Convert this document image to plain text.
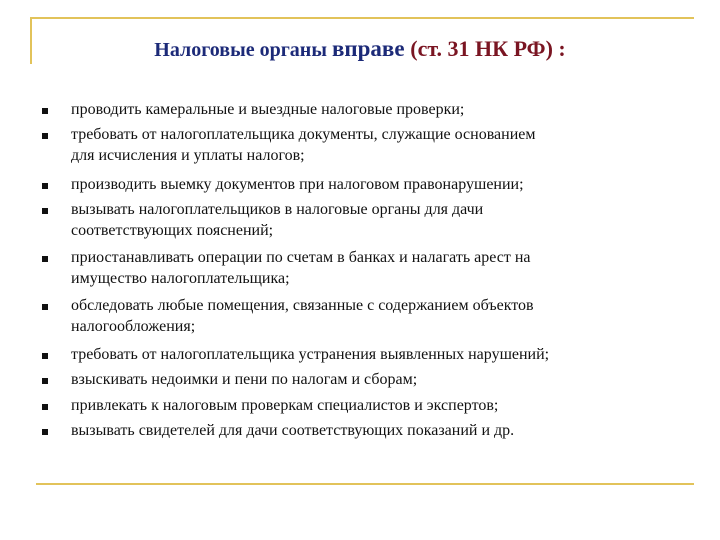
Налоговые органы вправе (ст. 31 НК РФ) :
проводить камеральные и выездные налоговые проверки;
требовать от налогоплательщика документы, служащие основанием
для исчисления и уплаты налогов;
производить выемку документов при налоговом правонарушении;
вызывать налогоплательщиков в налоговые органы для дачи
соответствующих пояснений;
приостанавливать операции по счетам в банках и налагать арест на
имущество налогоплательщика;
обследовать любые помещения, связанные с содержанием объектов
налогообложения;
требовать от налогоплательщика устранения выявленных нарушений;
взыскивать недоимки и пени по налогам и сборам;
привлекать к налоговым проверкам специалистов и экспертов;
вызывать свидетелей для дачи соответствующих показаний и др.
